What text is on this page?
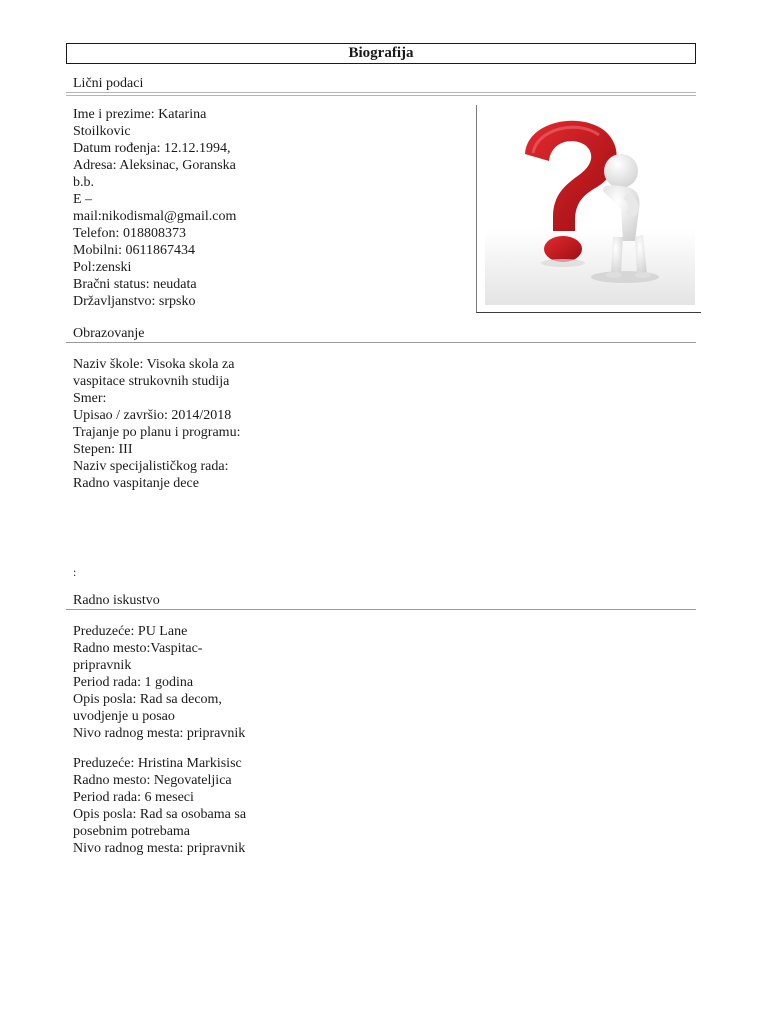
Biografija
Lični podaci
Ime i prezime: Katarina
Stoilkovic
Datum rođenja: 12.12.1994,
Adresa: Aleksinac, Goranska
b.b.
E –
mail:nikodismal@gmail.com
Telefon: 018808373
Mobilni: 0611867434
Pol:zenski
Bračni status: neudata
Državljanstvo: srpsko
Obrazovanje
Naziv škole: Visoka skola za
vaspitace strukovnih studija
Smer:
Upisao / završio: 2014/2018
Trajanje po planu i programu:
Stepen: III
Naziv specijalističkog rada:
Radno vaspitanje dece
:
Radno iskustvo
Preduzeće: PU Lane
Radno mesto:Vaspitac-
pripravnik
Period rada: 1 godina
Opis posla: Rad sa decom,
uvodjenje u posao
Nivo radnog mesta: pripravnik
Preduzeće: Hristina Markisisc
Radno mesto: Negovateljica
Period rada: 6 meseci
Opis posla: Rad sa osobama sa
posebnim potrebama
Nivo radnog mesta: pripravnik
